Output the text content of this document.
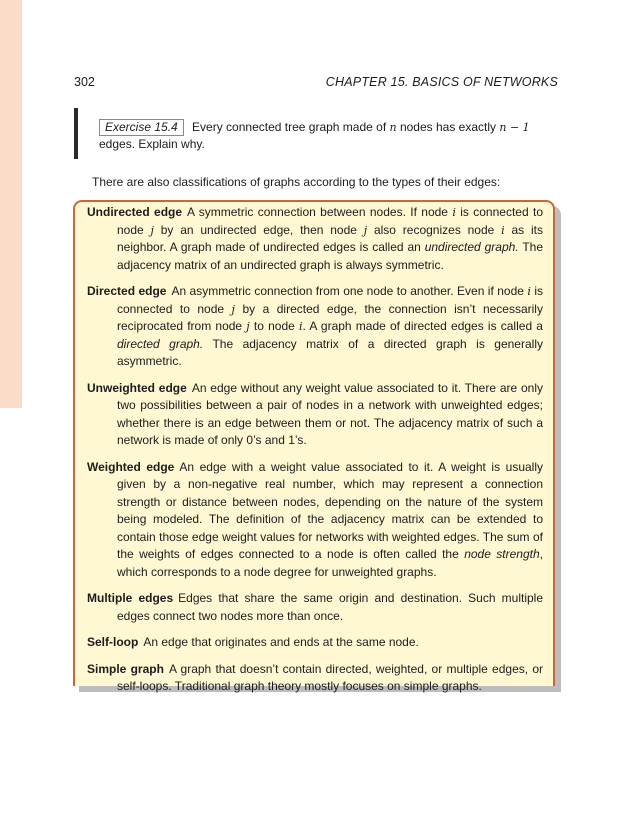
302	CHAPTER 15. BASICS OF NETWORKS
Exercise 15.4 Every connected tree graph made of n nodes has exactly n − 1 edges. Explain why.
There are also classifications of graphs according to the types of their edges:

Undirected edge A symmetric connection between nodes. If node i is connected to node j by an undirected edge, then node j also recognizes node i as its neighbor. A graph made of undirected edges is called an undirected graph. The adjacency matrix of an undirected graph is always symmetric.

Directed edge An asymmetric connection from one node to another. Even if node i is connected to node j by a directed edge, the connection isn’t necessarily reciprocated from node j to node i. A graph made of directed edges is called a directed graph. The adjacency matrix of a directed graph is generally asymmetric.

Unweighted edge An edge without any weight value associated to it. There are only two possibilities between a pair of nodes in a network with unweighted edges; whether there is an edge between them or not. The adjacency matrix of such a network is made of only 0’s and 1’s.

Weighted edge An edge with a weight value associated to it. A weight is usually given by a non-negative real number, which may represent a connection strength or distance between nodes, depending on the nature of the system being modeled. The definition of the adjacency matrix can be extended to contain those edge weight values for networks with weighted edges. The sum of the weights of edges connected to a node is often called the node strength, which corresponds to a node degree for unweighted graphs.

Multiple edges Edges that share the same origin and destination. Such multiple edges connect two nodes more than once.

Self-loop An edge that originates and ends at the same node.

Simple graph A graph that doesn’t contain directed, weighted, or multiple edges, or self-loops. Traditional graph theory mostly focuses on simple graphs.
